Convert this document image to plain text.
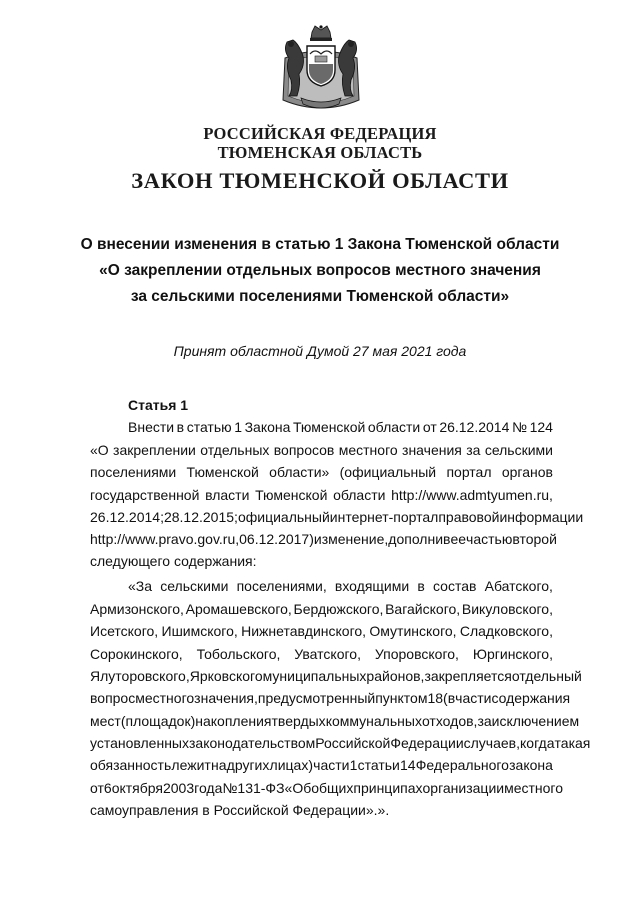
РОССИЙСКАЯ ФЕДЕРАЦИЯ
ТЮМЕНСКАЯ ОБЛАСТЬ
ЗАКОН ТЮМЕНСКОЙ ОБЛАСТИ
О внесении изменения в статью 1 Закона Тюменской области
«О закреплении отдельных вопросов местного значения
за сельскими поселениями Тюменской области»
Принят областной Думой 27 мая 2021 года
Статья 1
Внести в статью 1 Закона Тюменской области от 26.12.2014 № 124
«О закреплении отдельных вопросов местного значения за сельскими
поселениями Тюменской области» (официальный портал органов
государственной власти Тюменской области http://www.admtyumen.ru,
26.12.2014; 28.12.2015; официальный интернет-портал правовой информации
http://www.pravo.gov.ru, 06.12.2017) изменение, дополнив ее частью второй
следующего содержания:
«За сельскими поселениями, входящими в состав Абатского,
Армизонского, Аромашевского, Бердюжского, Вагайского, Викуловского,
Исетского, Ишимского, Нижнетавдинского, Омутинского, Сладковского,
Сорокинского, Тобольского, Уватского, Упоровского, Юргинского,
Ялуторовского, Ярковского муниципальных районов, закрепляется отдельный
вопрос местного значения, предусмотренный пунктом 18 (в части содержания
мест (площадок) накопления твердых коммунальных отходов, за исключением
установленных законодательством Российской Федерации случаев, когда такая
обязанность лежит на других лицах) части 1 статьи 14 Федерального закона
от 6 октября 2003 года № 131-ФЗ «Об общих принципах организации местного
самоуправления в Российской Федерации».».
